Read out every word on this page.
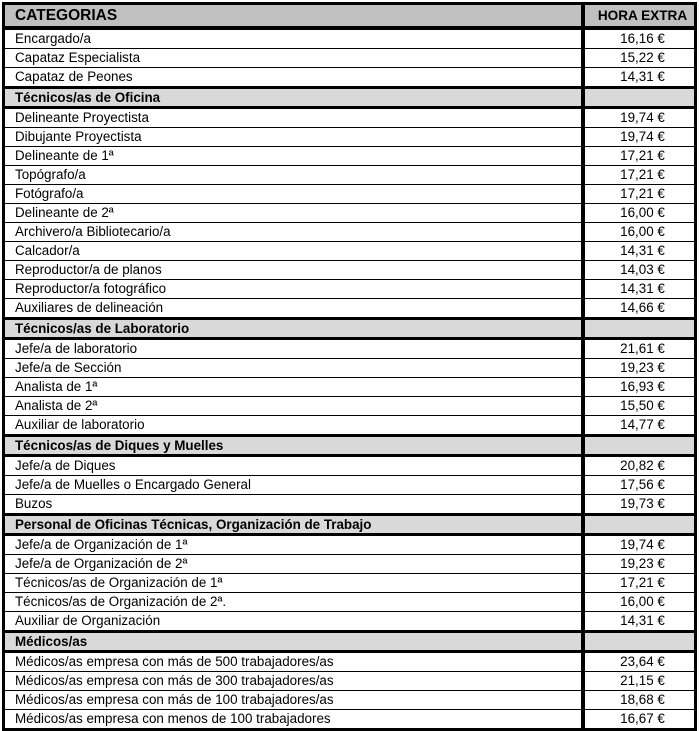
CATEGORIAS	HORA EXTRA
Encargado/a	16,16 €
Capataz Especialista	15,22 €
Capataz de Peones	14,31 €
Técnicos/as de Oficina	
Delineante Proyectista	19,74 €
Dibujante Proyectista	19,74 €
Delineante de 1ª	17,21 €
Topógrafo/a	17,21 €
Fotógrafo/a	17,21 €
Delineante de 2ª	16,00 €
Archivero/a Bibliotecario/a	16,00 €
Calcador/a	14,31 €
Reproductor/a de planos	14,03 €
Reproductor/a fotográfico	14,31 €
Auxiliares de delineación	14,66 €
Técnicos/as de Laboratorio	
Jefe/a de laboratorio	21,61 €
Jefe/a de Sección	19,23 €
Analista de 1ª	16,93 €
Analista de 2ª	15,50 €
Auxiliar de laboratorio	14,77 €
Técnicos/as de Diques y Muelles	
Jefe/a de Diques	20,82 €
Jefe/a de Muelles o Encargado General	17,56 €
Buzos	19,73 €
Personal de Oficinas Técnicas, Organización de Trabajo	
Jefe/a de Organización de 1ª	19,74 €
Jefe/a de Organización de 2ª	19,23 €
Técnicos/as de Organización de 1ª	17,21 €
Técnicos/as de Organización de 2ª.	16,00 €
Auxiliar de Organización	14,31 €
Médicos/as	
Médicos/as empresa con más de 500 trabajadores/as	23,64 €
Médicos/as empresa con más de 300 trabajadores/as	21,15 €
Médicos/as empresa con más de 100 trabajadores/as	18,68 €
Médicos/as empresa con menos de 100 trabajadores	16,67 €
